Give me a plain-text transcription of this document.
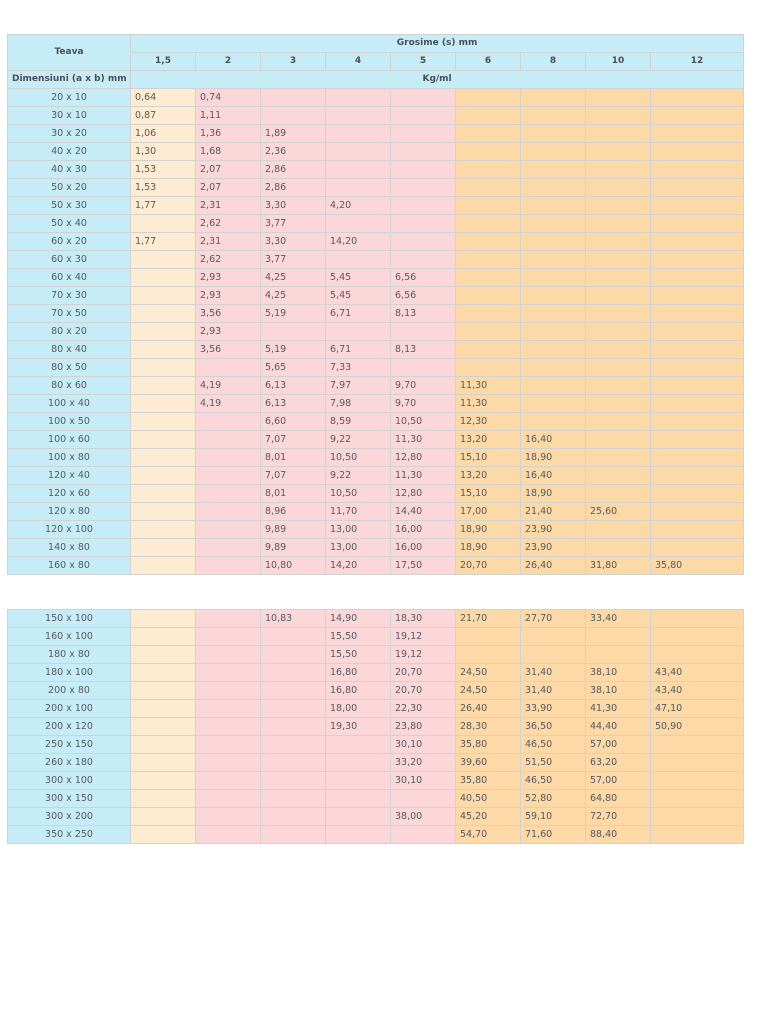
Teava	Grosime (s) mm								
	1,5	2	3	4	5	6	8	10	12
Dimensiuni (a x b) mm	Kg/ml								
20 x 10	0,64	0,74							
30 x 10	0,87	1,11							
30 x 20	1,06	1,36	1,89						
40 x 20	1,30	1,68	2,36						
40 x 30	1,53	2,07	2,86						
50 x 20	1,53	2,07	2,86						
50 x 30	1,77	2,31	3,30	4,20					
50 x 40		2,62	3,77						
60 x 20	1,77	2,31	3,30	14,20					
60 x 30		2,62	3,77						
60 x 40		2,93	4,25	5,45	6,56				
70 x 30		2,93	4,25	5,45	6,56				
70 x 50		3,56	5,19	6,71	8,13				
80 x 20		2,93							
80 x 40		3,56	5,19	6,71	8,13				
80 x 50			5,65	7,33					
80 x 60		4,19	6,13	7,97	9,70	11,30			
100 x 40		4,19	6,13	7,98	9,70	11,30			
100 x 50			6,60	8,59	10,50	12,30			
100 x 60			7,07	9,22	11,30	13,20	16,40		
100 x 80			8,01	10,50	12,80	15,10	18,90		
120 x 40			7,07	9,22	11,30	13,20	16,40		
120 x 60			8,01	10,50	12,80	15,10	18,90		
120 x 80			8,96	11,70	14,40	17,00	21,40	25,60	
120 x 100			9,89	13,00	16,00	18,90	23,90		
140 x 80			9,89	13,00	16,00	18,90	23,90		
160 x 80			10,80	14,20	17,50	20,70	26,40	31,80	35,80
150 x 100			10,83	14,90	18,30	21,70	27,70	33,40	
160 x 100				15,50	19,12				
180 x 80				15,50	19,12				
180 x 100				16,80	20,70	24,50	31,40	38,10	43,40
200 x 80				16,80	20,70	24,50	31,40	38,10	43,40
200 x 100				18,00	22,30	26,40	33,90	41,30	47,10
200 x 120				19,30	23,80	28,30	36,50	44,40	50,90
250 x 150					30,10	35,80	46,50	57,00	
260 x 180					33,20	39,60	51,50	63,20	
300 x 100					30,10	35,80	46,50	57,00	
300 x 150						40,50	52,80	64,80	
300 x 200					38,00	45,20	59,10	72,70	
350 x 250						54,70	71,60	88,40	
